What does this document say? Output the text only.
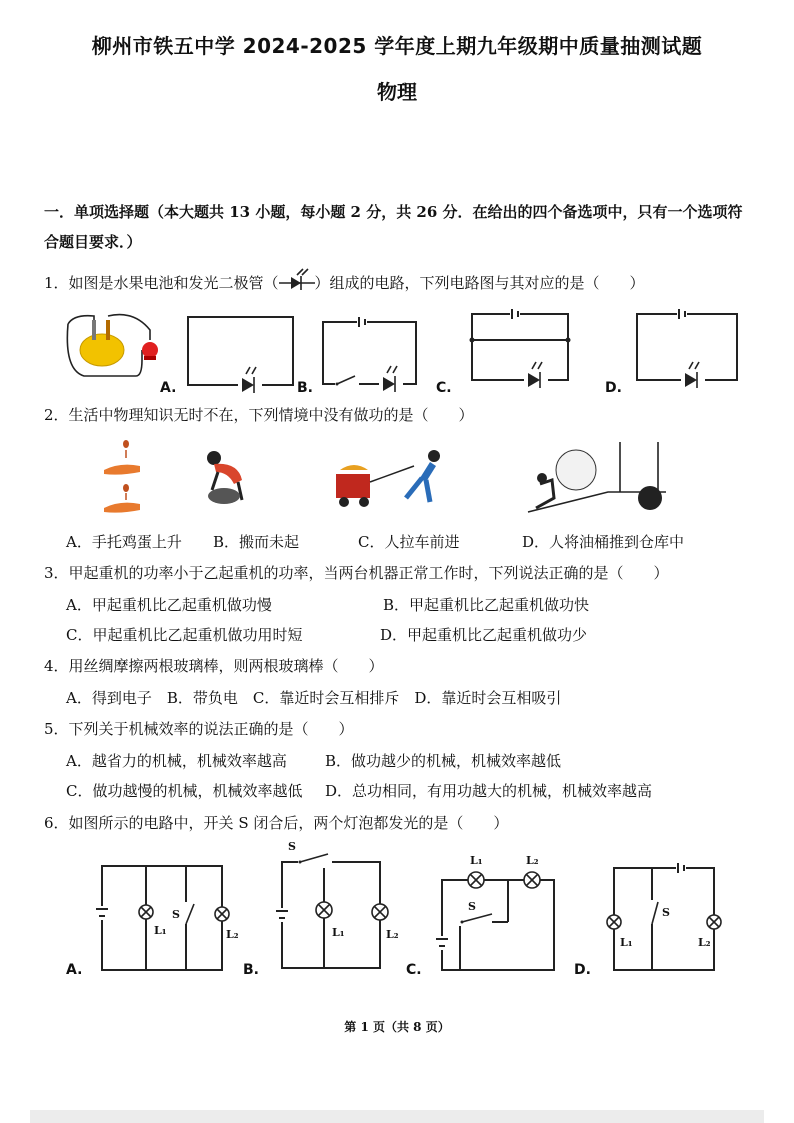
柳州市铁五中学 2024-2025 学年度上期九年级期中质量抽测试题
物理
一．单项选择题（本大题共 13 小题，每小题 2 分，共 26 分．在给出的四个备选项中，只有一个选项符合题目要求．）
1．如图是水果电池和发光二极管（ ）组成的电路，下列电路图与其对应的是（　　）
A.	B.	C.	D.
2．生活中物理知识无时不在，下列情境中没有做功的是（　　）
A．手托鸡蛋上升 B．搬而未起	C．人拉车前进	D．人将油桶推到仓库中
3．甲起重机的功率小于乙起重机的功率，当两台机器正常工作时，下列说法正确的是（　　）
A．甲起重机比乙起重机做功慢	B．甲起重机比乙起重机做功快
C．甲起重机比乙起重机做功用时短	D．甲起重机比乙起重机做功少
4．用丝绸摩擦两根玻璃棒，则两根玻璃棒（　　）
A．得到电子　B．带负电　C．靠近时会互相排斥　D．靠近时会互相吸引
5．下列关于机械效率的说法正确的是（　　）
A．越省力的机械，机械效率越高	B．做功越少的机械，机械效率越低
C．做功越慢的机械，机械效率越低 D．总功相同，有用功越大的机械，机械效率越高
6．如图所示的电路中，开关 S 闭合后，两个灯泡都发光的是（　　）
L₁
S
L₂
A.
S
L₁	L₂
B.
L₁	L₂
S
C.
L₁
S
L₂
D.
第 1 页（共 8 页）
